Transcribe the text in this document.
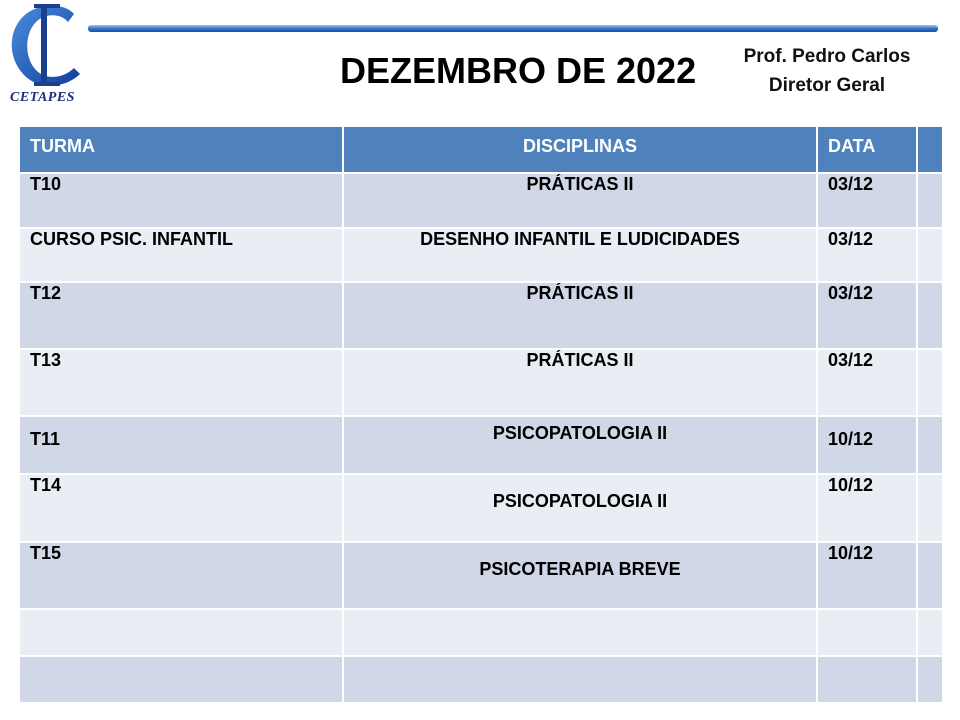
CETAPES
DEZEMBRO DE 2022	Prof. Pedro Carlos
Diretor Geral
TURMA	DISCIPLINAS	DATA	
T10	PRÁTICAS II	03/12	
CURSO PSIC. INFANTIL	DESENHO INFANTIL E LUDICIDADES	03/12	
T12	PRÁTICAS II	03/12	
T13	PRÁTICAS II	03/12	
T11	PSICOPATOLOGIA II	10/12	
T14	PSICOPATOLOGIA II	10/12	
T15	PSICOTERAPIA BREVE	10/12	
